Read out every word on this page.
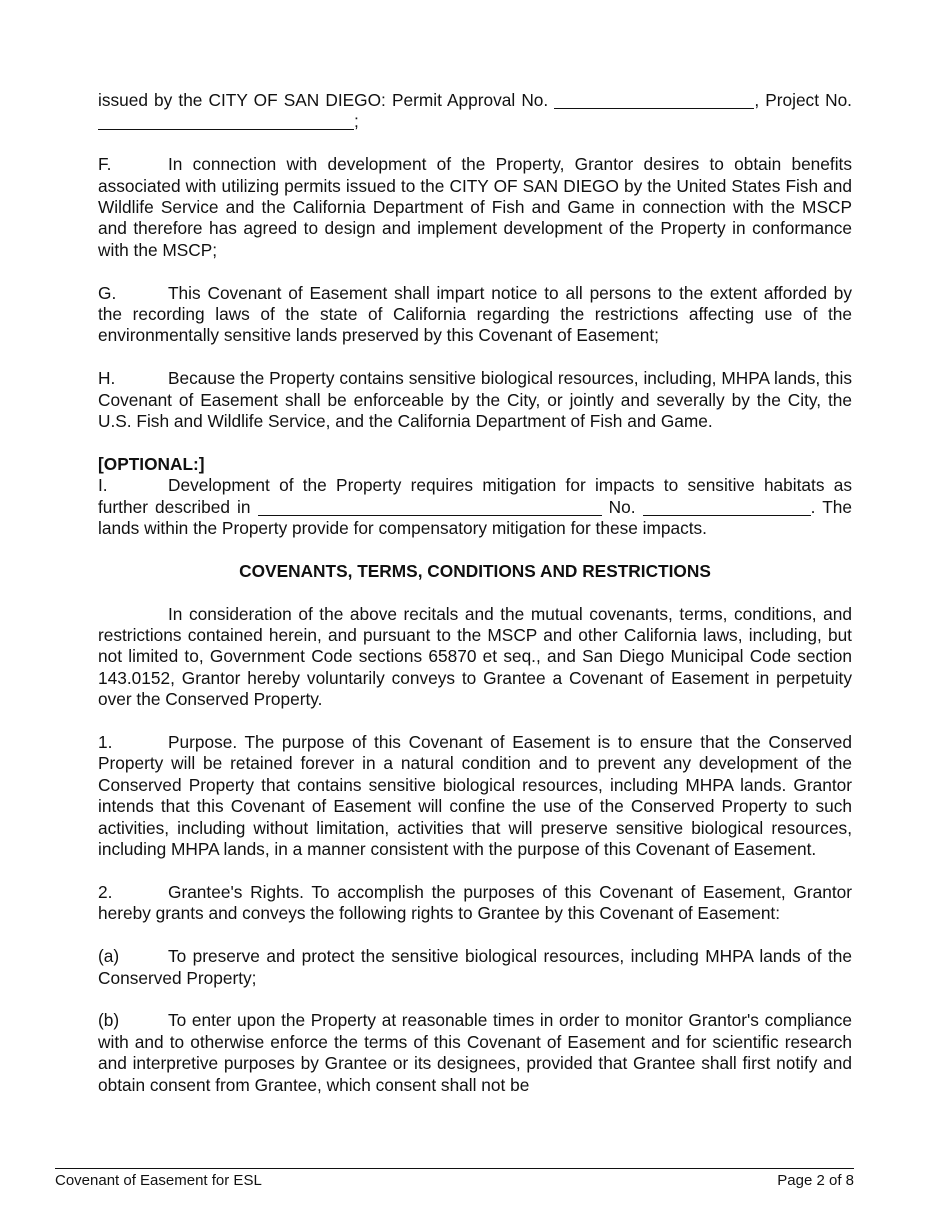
issued by the CITY OF SAN DIEGO: Permit Approval No.	, Project No. ;

F.	In connection with development of the Property, Grantor desires to obtain benefits associated with utilizing permits issued to the CITY OF SAN DIEGO by the United States Fish and Wildlife Service and the California Department of Fish and Game in connection with the MSCP and therefore has agreed to design and implement development of the Property in conformance with the MSCP;

G.	This Covenant of Easement shall impart notice to all persons to the extent afforded by the recording laws of the state of California regarding the restrictions affecting use of the environmentally sensitive lands preserved by this Covenant of Easement;

H.	Because the Property contains sensitive biological resources, including, MHPA lands, this Covenant of Easement shall be enforceable by the City, or jointly and severally by the City, the U.S. Fish and Wildlife Service, and the California Department of Fish and Game.

[OPTIONAL:]

I.	Development of the Property requires mitigation for impacts to sensitive habitats as further described in	No.	. The lands within the Property provide for compensatory mitigation for these impacts.

COVENANTS, TERMS, CONDITIONS AND RESTRICTIONS

In consideration of the above recitals and the mutual covenants, terms, conditions, and restrictions contained herein, and pursuant to the MSCP and other California laws, including, but not limited to, Government Code sections 65870 et seq., and San Diego Municipal Code section 143.0152, Grantor hereby voluntarily conveys to Grantee a Covenant of Easement in perpetuity over the Conserved Property.

1.	Purpose. The purpose of this Covenant of Easement is to ensure that the Conserved Property will be retained forever in a natural condition and to prevent any development of the Conserved Property that contains sensitive biological resources, including MHPA lands. Grantor intends that this Covenant of Easement will confine the use of the Conserved Property to such activities, including without limitation, activities that will preserve sensitive biological resources, including MHPA lands, in a manner consistent with the purpose of this Covenant of Easement.

2.	Grantee's Rights. To accomplish the purposes of this Covenant of Easement, Grantor hereby grants and conveys the following rights to Grantee by this Covenant of Easement:

(a)	To preserve and protect the sensitive biological resources, including MHPA lands of the Conserved Property;

(b)	To enter upon the Property at reasonable times in order to monitor Grantor's compliance with and to otherwise enforce the terms of this Covenant of Easement and for scientific research and interpretive purposes by Grantee or its designees, provided that Grantee shall first notify and obtain consent from Grantee, which consent shall not be

Covenant of Easement for ESL	Page 2 of 8
